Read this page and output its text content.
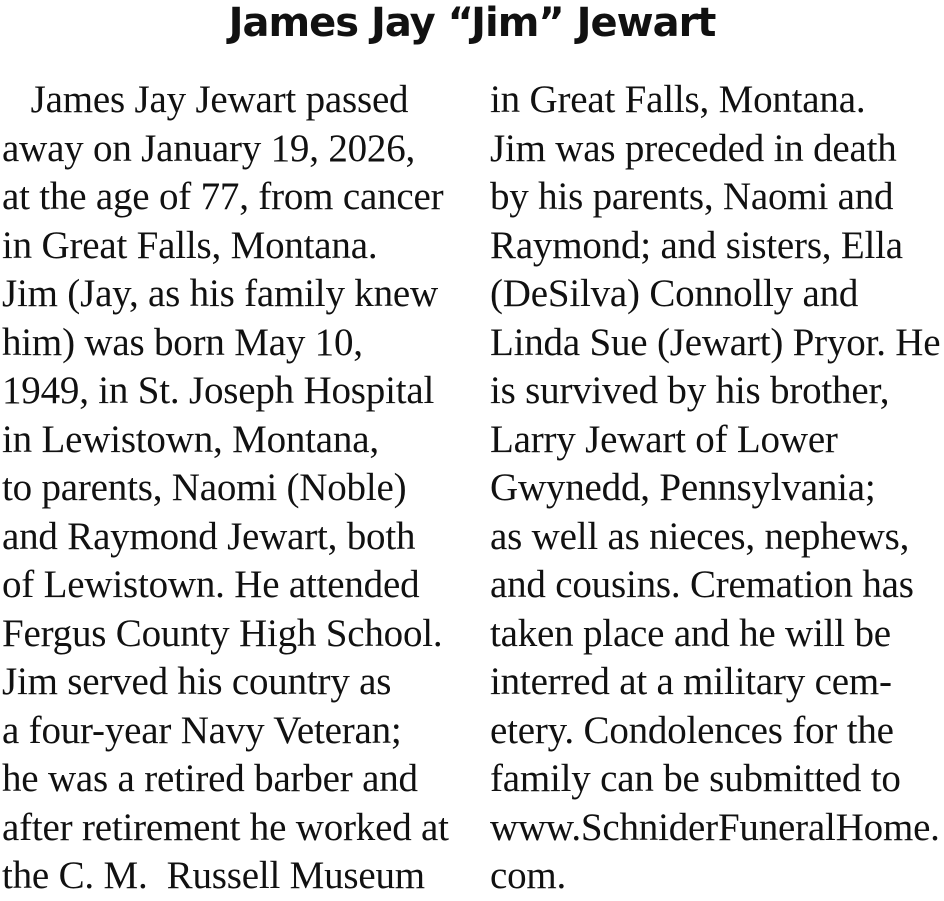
James Jay “Jim” Jewart
James Jay Jewart passed
away on January 19, 2026,
at the age of 77, from cancer
in Great Falls, Montana.
Jim (Jay, as his family knew
him) was born May 10,
1949, in St. Joseph Hospital
in Lewistown, Montana,
to parents, Naomi (Noble)
and Raymond Jewart, both
of Lewistown. He attended
Fergus County High School.
Jim served his country as
a four-year Navy Veteran;
he was a retired barber and
after retirement he worked at
the C. M.  Russell Museum
in Great Falls, Montana.
Jim was preceded in death
by his parents, Naomi and
Raymond; and sisters, Ella
(DeSilva) Connolly and
Linda Sue (Jewart) Pryor. He
is survived by his brother,
Larry Jewart of Lower
Gwynedd, Pennsylvania;
as well as nieces, nephews,
and cousins. Cremation has
taken place and he will be
interred at a military cem-
etery. Condolences for the
family can be submitted to
www.SchniderFuneralHome.
com.
